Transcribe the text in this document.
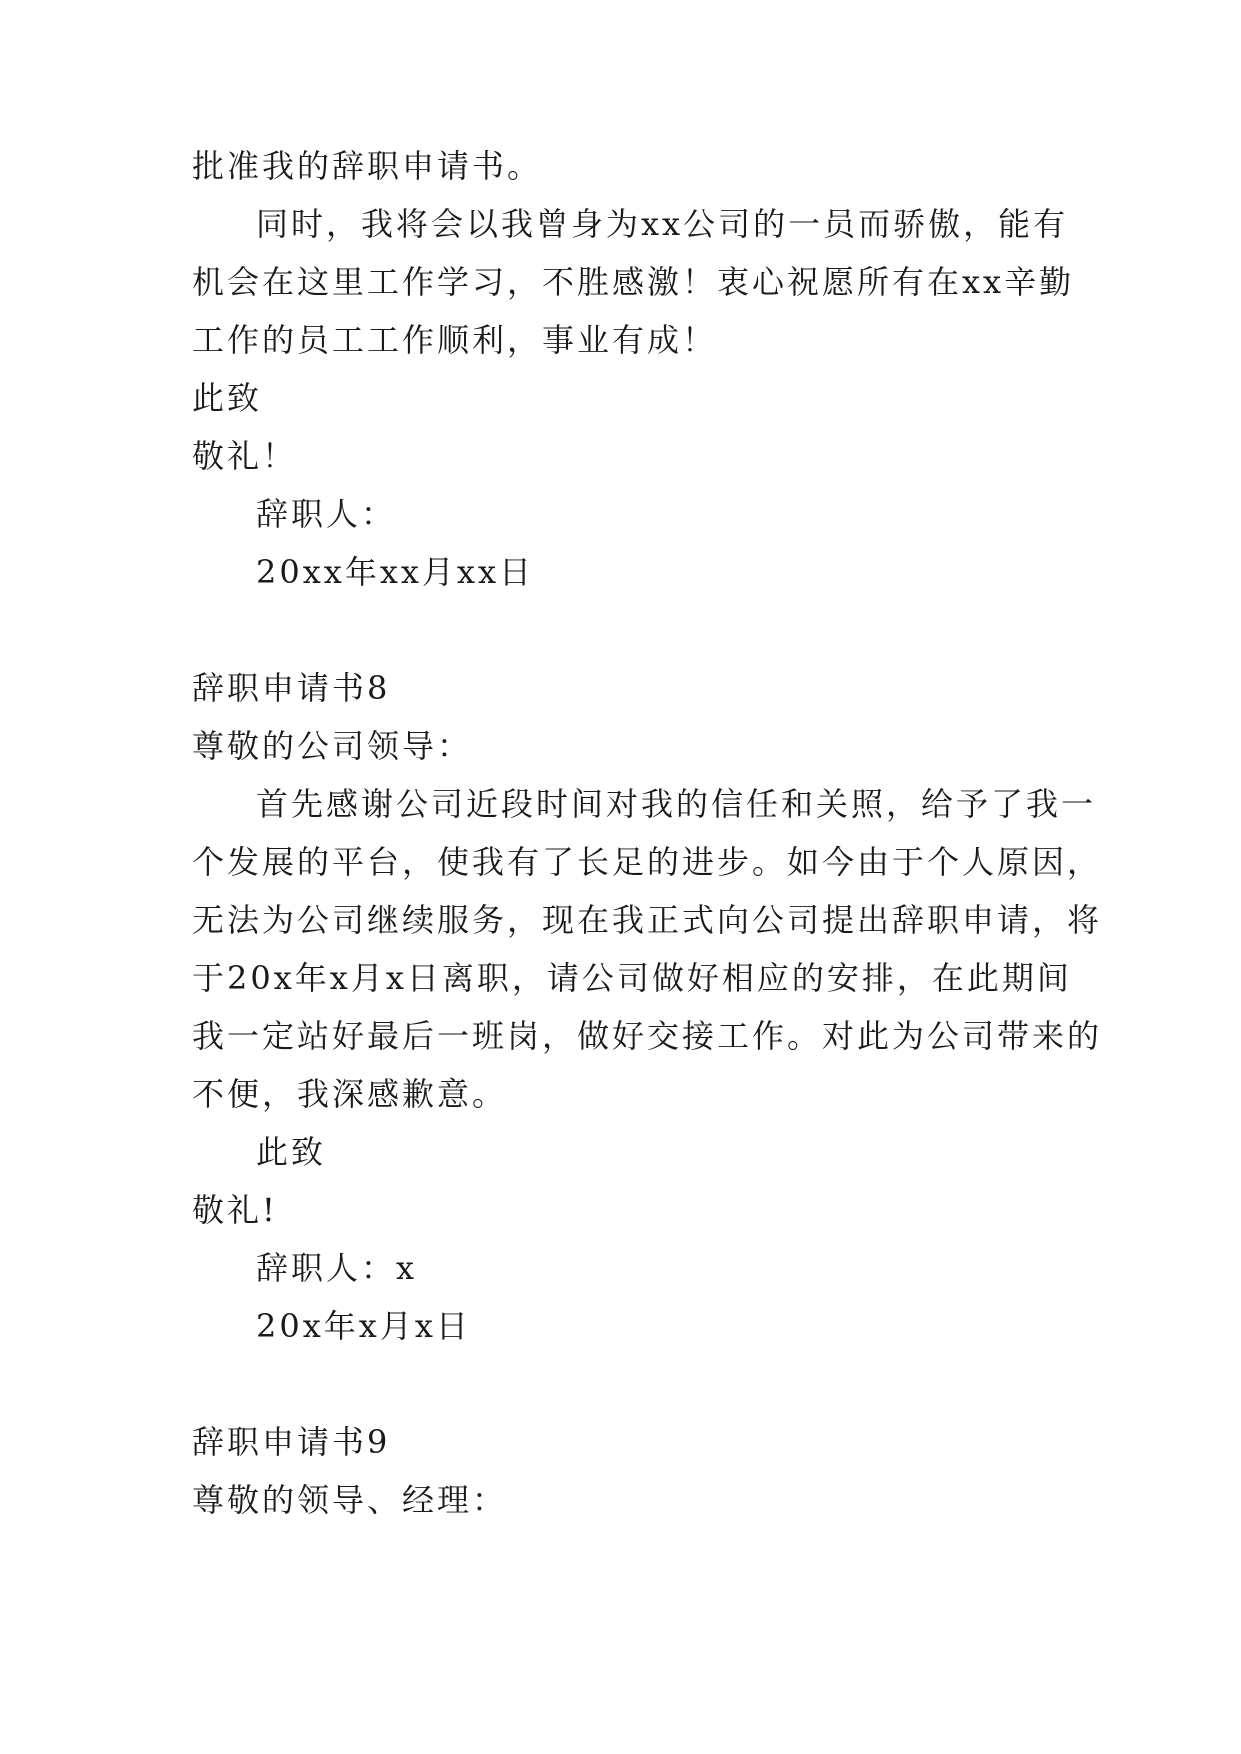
批准我的辞职申请书。
同时，我将会以我曾身为xx公司的一员而骄傲，能有
机会在这里工作学习，不胜感激！衷心祝愿所有在xx辛勤
工作的员工工作顺利，事业有成！
此致
敬礼！
辞职人：
20xx年xx月xx日
辞职申请书8
尊敬的公司领导：
首先感谢公司近段时间对我的信任和关照，给予了我一
个发展的平台，使我有了长足的进步。如今由于个人原因，
无法为公司继续服务，现在我正式向公司提出辞职申请，将
于20x年x月x日离职，请公司做好相应的安排，在此期间
我一定站好最后一班岗，做好交接工作。对此为公司带来的
不便，我深感歉意。
此致
敬礼!
辞职人：x
20x年x月x日
辞职申请书9
尊敬的领导、经理：
